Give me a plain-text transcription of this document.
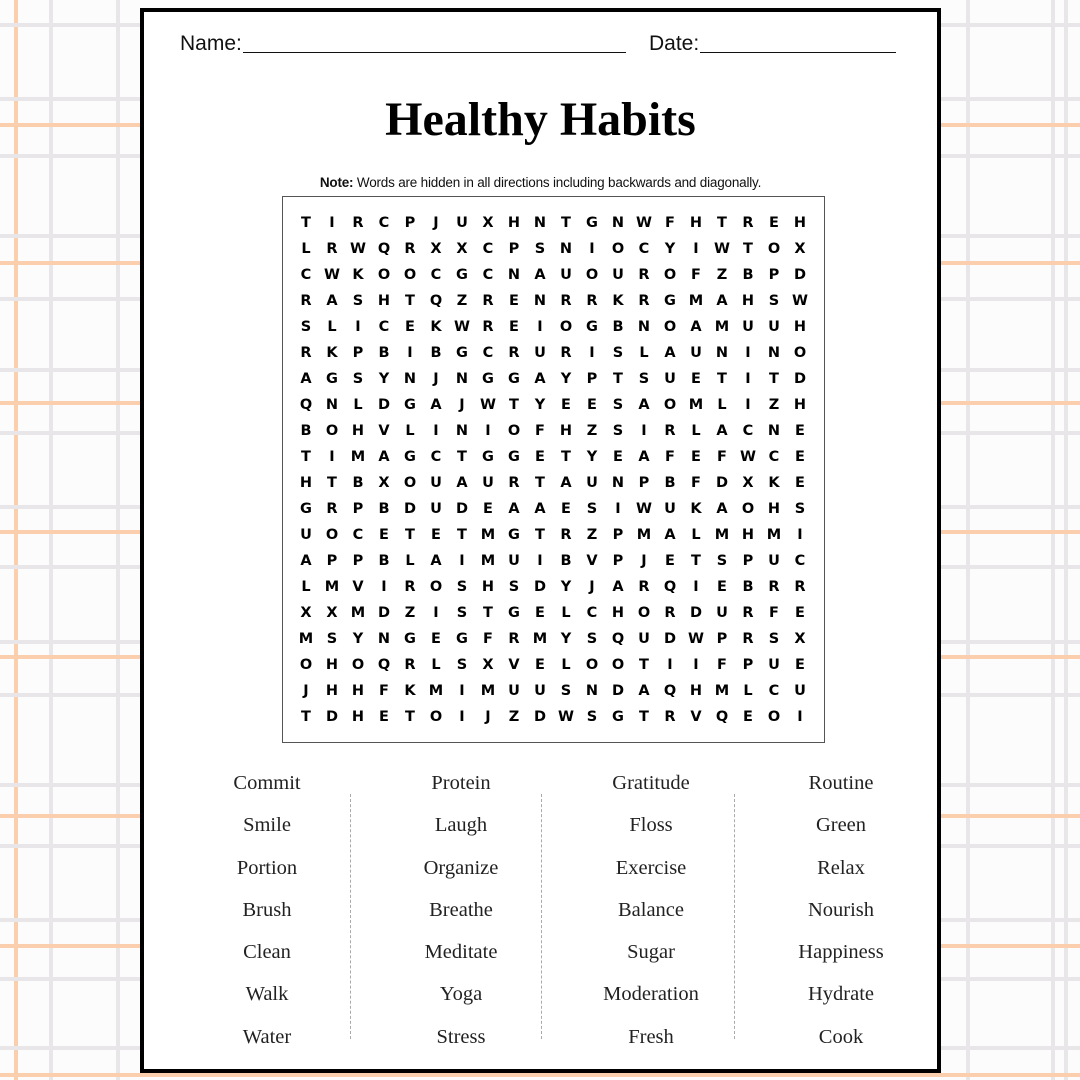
Name:	Date:
Healthy Habits
Note: Words are hidden in all directions including backwards and diagonally.
T	I	R	C	P	J	U	X H N	T	G N W F	H	T	R	E	H
L	R W Q R	X	X	C	P	S	N	I	O	C	Y	I	W T	O X
C W K O O	C	G	C	N A	U O U	R O	F	Z	B	P	D
R	A	S	H	T	Q	Z	R	E	N R	R	K	R G M A H	S W
S	L	I	C	E	K W R	E	I	O G	B N O A M U U H
R	K	P	B	I	B	G	C	R	U	R	I	S	L	A	U N	I	N O
A G	S	Y	N	J	N G G A	Y	P	T	S	U	E	T	I	T	D
Q N	L	D G A	J	W T	Y	E	E	S	A O M L	I	Z	H
B O H V	L	I	N	I	O	F	H	Z	S	I	R	L	A	C	N	E
T	I	M A G	C	T	G G	E	T	Y	E	A	F	E	F W C	E
H	T	B	X O U A	U	R	T	A	U N	P	B	F	D X	K	E
G R	P	B D U D	E	A	A	E	S	I	W U K	A O H	S
U O	C	E	T	E	T M G	T	R	Z	P M A	L M H M	I
A	P	P	B	L	A	I	M U	I	B	V	P	J	E	T	S	P	U	C
L M V	I	R O	S	H	S	D	Y	J	A	R Q	I	E	B	R	R
X	X M D	Z	I	S	T	G	E	L	C	H O R D U	R	F	E
M S	Y	N G	E	G	F	R M Y	S	Q U D W P	R	S	X
O H O Q R	L	S	X	V	E	L	O O	T	I	I	F	P	U	E
J	H H	F	K M	I	M U U	S	N D A Q H M L	C	U
T	D H	E	T	O	I	J	Z	D W S	G	T	R	V Q	E	O	I
Commit
Smile
Portion
Brush
Clean
Walk
Water
Protein
Laugh
Organize
Breathe
Meditate
Yoga
Stress
Gratitude
Floss
Exercise
Balance
Sugar
Moderation
Fresh
Routine
Green
Relax
Nourish
Happiness
Hydrate
Cook
